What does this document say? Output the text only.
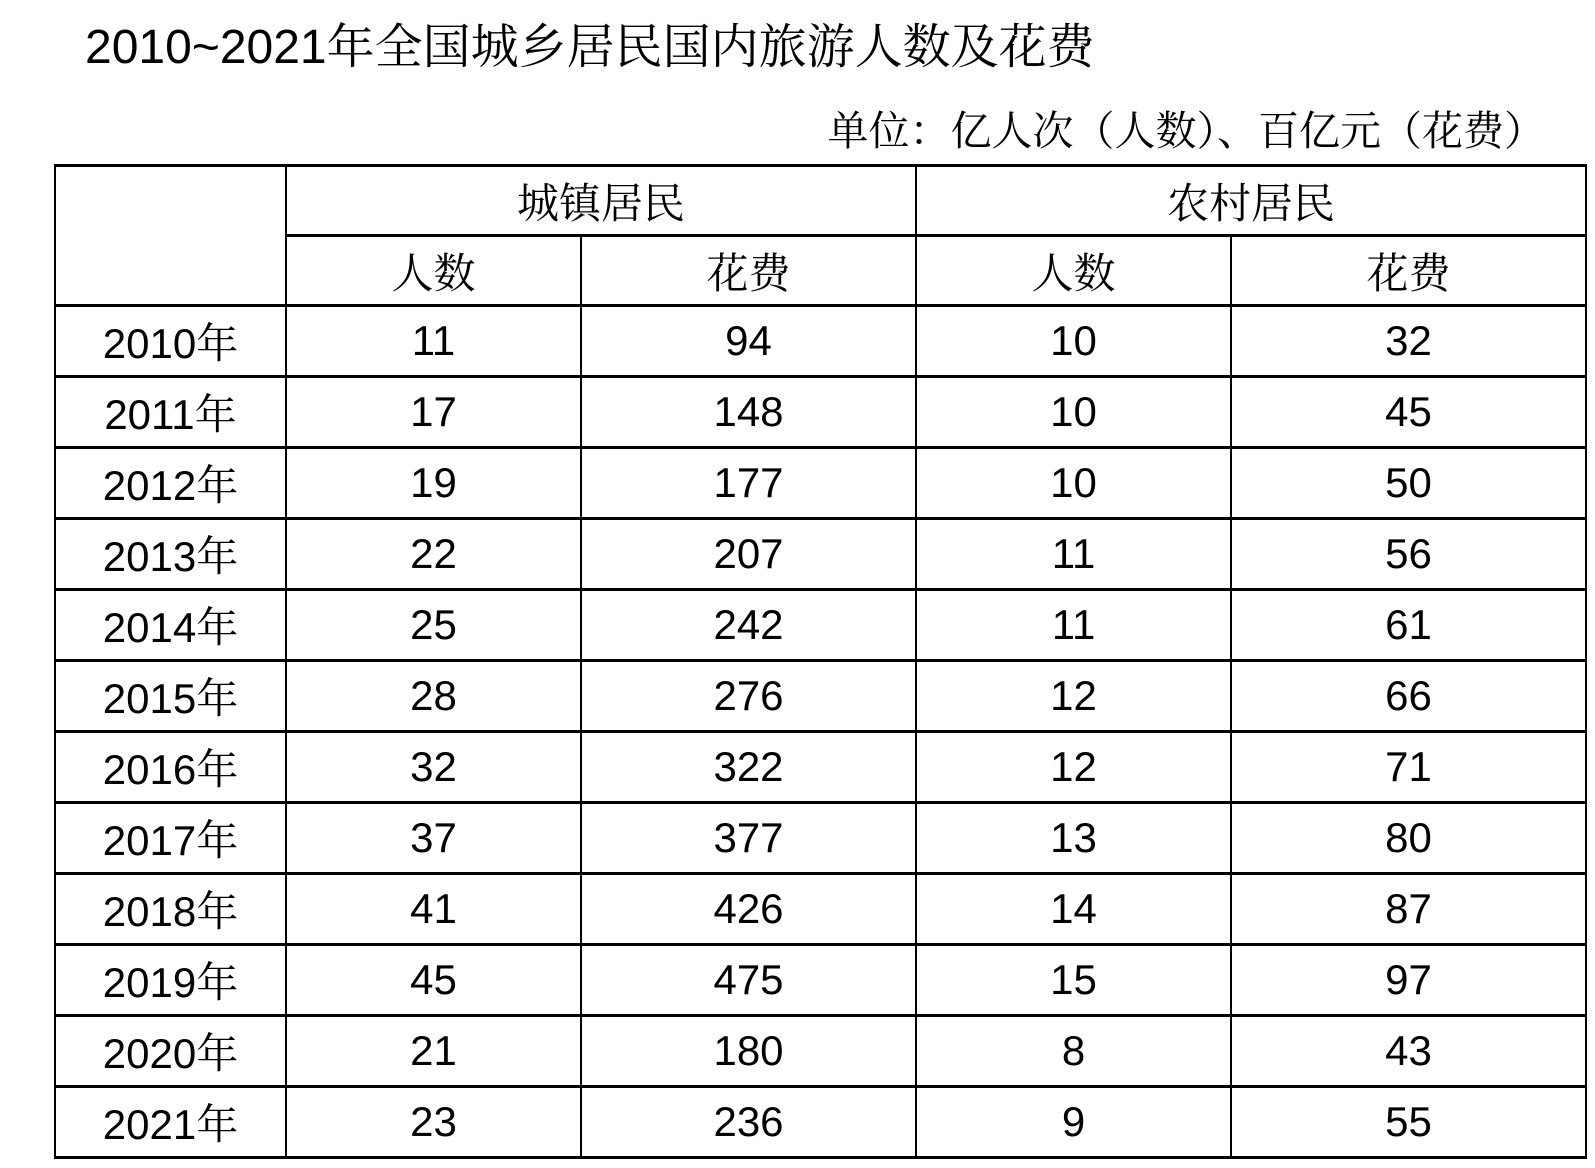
2010~2021年全国城乡居民国内旅游人数及花费
单位：亿人次（人数）、百亿元（花费）
	城镇居民		农村居民	
	人数	花费	人数	花费
2010年	11	94	10	32
2011年	17	148	10	45
2012年	19	177	10	50
2013年	22	207	11	56
2014年	25	242	11	61
2015年	28	276	12	66
2016年	32	322	12	71
2017年	37	377	13	80
2018年	41	426	14	87
2019年	45	475	15	97
2020年	21	180	8	43
2021年	23	236	9	55
